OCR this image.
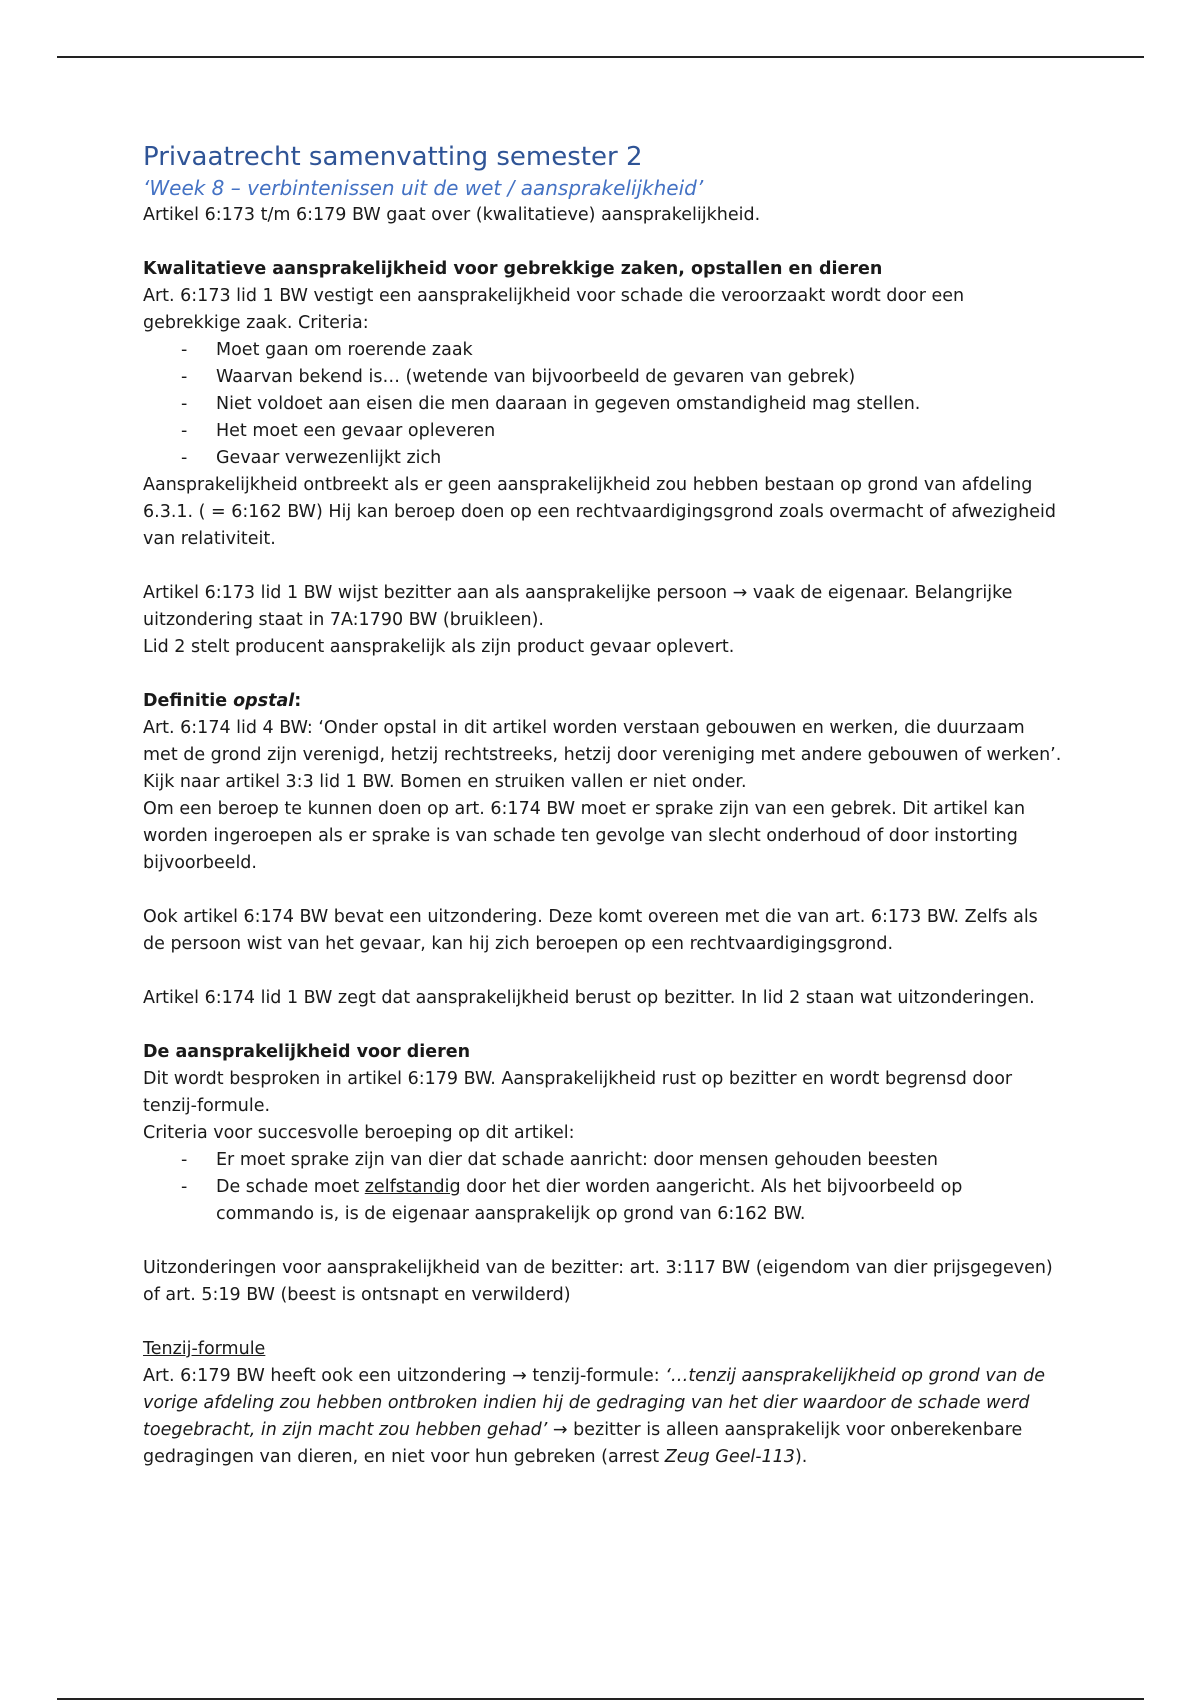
Privaatrecht samenvatting semester 2
‘Week 8 – verbintenissen uit de wet / aansprakelijkheid’

Artikel 6:173 t/m 6:179 BW gaat over (kwalitatieve) aansprakelijkheid.

Kwalitatieve aansprakelijkheid voor gebrekkige zaken, opstallen en dieren

Art. 6:173 lid 1 BW vestigt een aansprakelijkheid voor schade die veroorzaakt wordt door een gebrekkige zaak. Criteria:

- Moet gaan om roerende zaak
- Waarvan bekend is… (wetende van bijvoorbeeld de gevaren van gebrek)
- Niet voldoet aan eisen die men daaraan in gegeven omstandigheid mag stellen.
- Het moet een gevaar opleveren
- Gevaar verwezenlijkt zich

Aansprakelijkheid ontbreekt als er geen aansprakelijkheid zou hebben bestaan op grond van afdeling 6.3.1. ( = 6:162 BW) Hij kan beroep doen op een rechtvaardigingsgrond zoals overmacht of afwezigheid van relativiteit.

Artikel 6:173 lid 1 BW wijst bezitter aan als aansprakelijke persoon → vaak de eigenaar. Belangrijke uitzondering staat in 7A:1790 BW (bruikleen).

Lid 2 stelt producent aansprakelijk als zijn product gevaar oplevert.

Definitie opstal:

Art. 6:174 lid 4 BW: ‘Onder opstal in dit artikel worden verstaan gebouwen en werken, die duurzaam met de grond zijn verenigd, hetzij rechtstreeks, hetzij door vereniging met andere gebouwen of werken’. Kijk naar artikel 3:3 lid 1 BW. Bomen en struiken vallen er niet onder.

Om een beroep te kunnen doen op art. 6:174 BW moet er sprake zijn van een gebrek. Dit artikel kan worden ingeroepen als er sprake is van schade ten gevolge van slecht onderhoud of door instorting bijvoorbeeld.

Ook artikel 6:174 BW bevat een uitzondering. Deze komt overeen met die van art. 6:173 BW. Zelfs als de persoon wist van het gevaar, kan hij zich beroepen op een rechtvaardigingsgrond.

Artikel 6:174 lid 1 BW zegt dat aansprakelijkheid berust op bezitter. In lid 2 staan wat uitzonderingen.

De aansprakelijkheid voor dieren

Dit wordt besproken in artikel 6:179 BW. Aansprakelijkheid rust op bezitter en wordt begrensd door tenzij-formule.

Criteria voor succesvolle beroeping op dit artikel:

- Er moet sprake zijn van dier dat schade aanricht: door mensen gehouden beesten
- De schade moet zelfstandig door het dier worden aangericht. Als het bijvoorbeeld op commando is, is de eigenaar aansprakelijk op grond van 6:162 BW.

Uitzonderingen voor aansprakelijkheid van de bezitter: art. 3:117 BW (eigendom van dier prijsgegeven) of art. 5:19 BW (beest is ontsnapt en verwilderd)

Tenzij-formule

Art. 6:179 BW heeft ook een uitzondering → tenzij-formule: ‘…tenzij aansprakelijkheid op grond van de vorige afdeling zou hebben ontbroken indien hij de gedraging van het dier waardoor de schade werd toegebracht, in zijn macht zou hebben gehad’ → bezitter is alleen aansprakelijk voor onberekenbare gedragingen van dieren, en niet voor hun gebreken (arrest Zeug Geel-113).
